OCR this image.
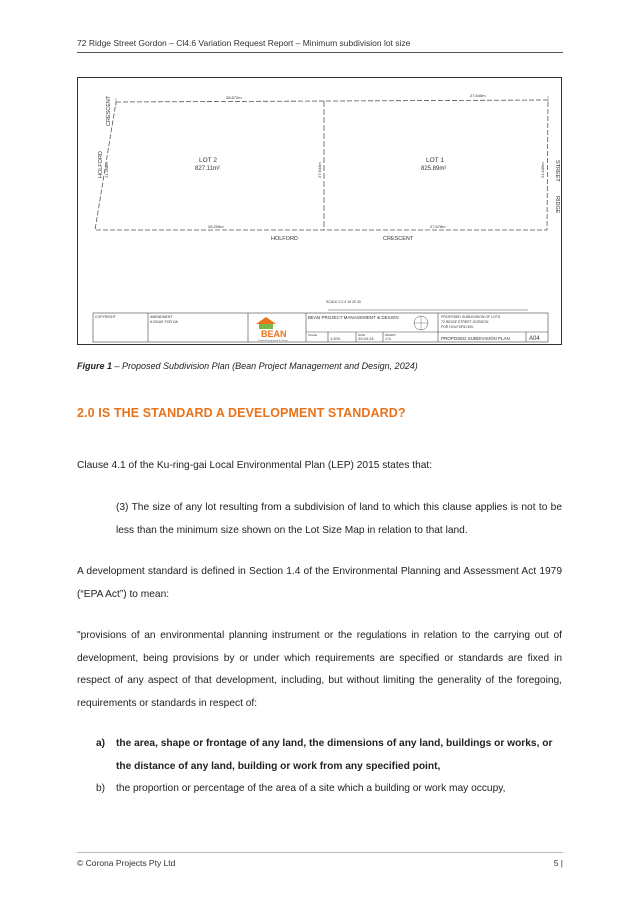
72 Ridge Street Gordon – Cl4.6 Variation Request Report – Minimum subdivision lot size
28.872m	27.645m
28.209m	27.678m
21.358m	27.644m	21.845m
CRESCENT
HOLFORD	STREET
RIDGE
HOLFORD	CRESCENT
LOT 2
827.11m²
LOT 1
825.89m²
SCALE 0 2 4 10 20 30
COPYRIGHT	AMENDMENT
A ISSUE FOR DA
BEAN
Project Management & Design
BEAN PROJECT MANAGEMENT & DESIGN
SCALE
1:200
DATE
23.04.24
DRAWN
J.S.
PROPOSED SUBDIVISION OF LOTS
72 RIDGE STREET GORDON
FOR HOLFORD INV.
PROPOSED SUBDIVISION PLAN	A04
Figure 1 – Proposed Subdivision Plan (Bean Project Management and Design, 2024)
2.0 IS THE STANDARD A DEVELOPMENT STANDARD?
Clause 4.1 of the Ku-ring-gai Local Environmental Plan (LEP) 2015 states that:
(3) The size of any lot resulting from a subdivision of land to which this clause applies is not to be less than the minimum size shown on the Lot Size Map in relation to that land.
A development standard is defined in Section 1.4 of the Environmental Planning and Assessment Act 1979 (“EPA Act”) to mean:
"provisions of an environmental planning instrument or the regulations in relation to the carrying out of development, being provisions by or under which requirements are specified or standards are fixed in respect of any aspect of that development, including, but without limiting the generality of the foregoing, requirements or standards in respect of:
a) the area, shape or frontage of any land, the dimensions of any land, buildings or works, or the distance of any land, building or work from any specified point,
b) the proportion or percentage of the area of a site which a building or work may occupy,
© Corona Projects Pty Ltd	5 |
